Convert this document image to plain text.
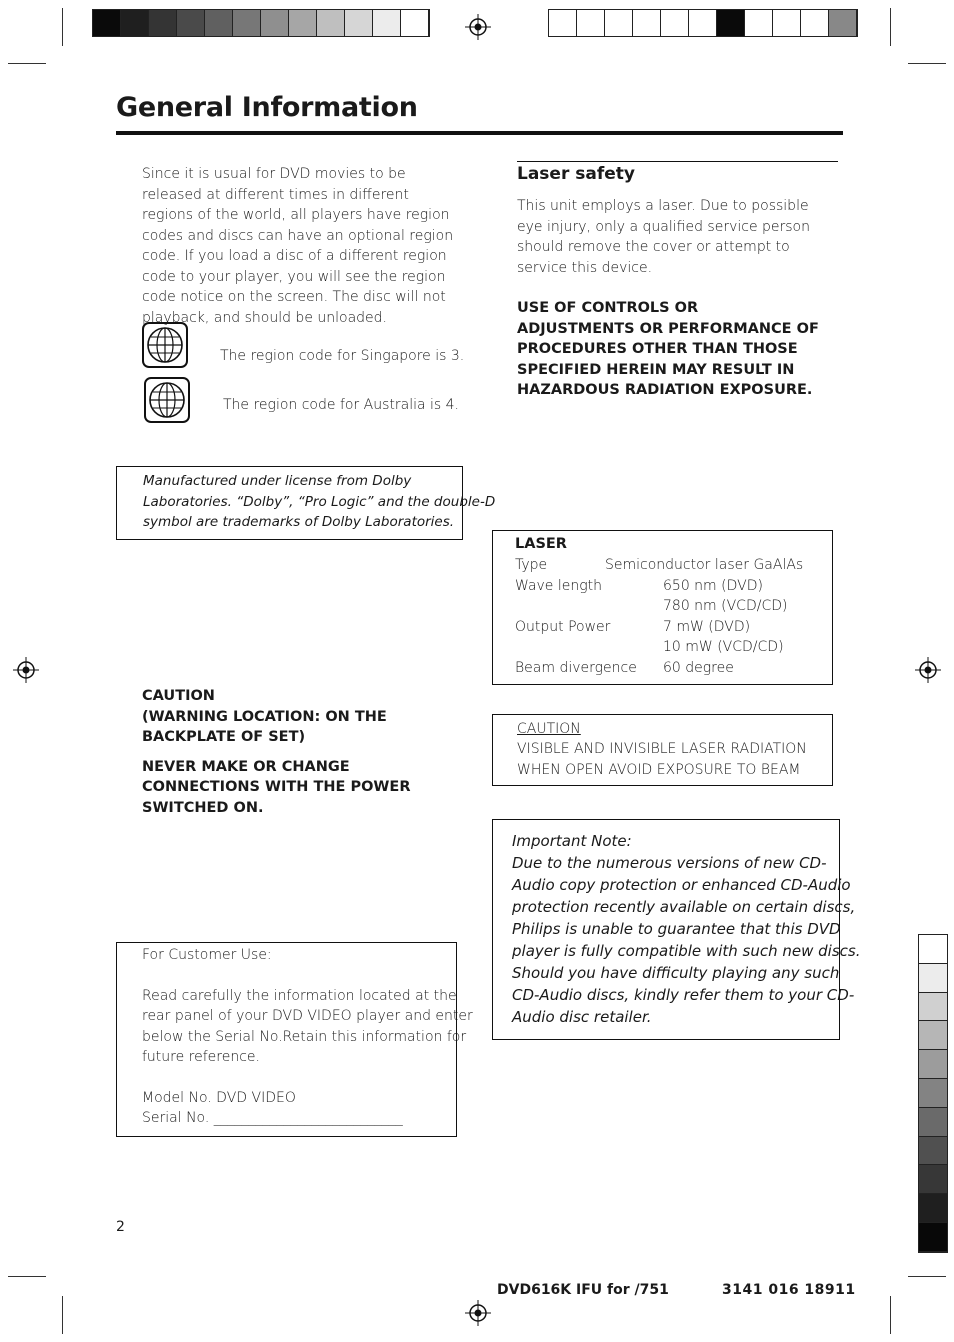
General Information
Since it is usual for DVD movies to be released at different times in different regions of the world, all players have region codes and discs can have an optional region code. If you load a disc of a different region code to your player, you will see the region code notice on the screen. The disc will not playback, and should be unloaded.
The region code for Singapore is 3.
The region code for Australia is 4.
Manufactured under license from Dolby
Laboratories. “Dolby”, “Pro Logic” and the double-D
symbol are trademarks of Dolby Laboratories.
CAUTION
(WARNING LOCATION: ON THE
BACKPLATE OF SET)
NEVER MAKE OR CHANGE
CONNECTIONS WITH THE POWER
SWITCHED ON.
For Customer Use:
Read carefully the information located at the
rear panel of your DVD VIDEO player and enter
below the Serial No.Retain this information for
future reference.
Model No. DVD VIDEO
Serial No. ___________________________
Laser safety
This unit employs a laser. Due to possible eye injury, only a qualified service person should remove the cover or attempt to service this device.
USE OF CONTROLS OR
ADJUSTMENTS OR PERFORMANCE OF
PROCEDURES OTHER THAN THOSE
SPECIFIED HEREIN MAY RESULT IN
HAZARDOUS RADIATION EXPOSURE.
LASER
Type	Semiconductor laser GaAlAs
Wave length	650 nm (DVD)
780 nm (VCD/CD)
Output Power	7 mW (DVD)
10 mW (VCD/CD)
Beam divergence	60 degree
CAUTION
VISIBLE AND INVISIBLE LASER RADIATION
WHEN OPEN AVOID EXPOSURE TO BEAM
Important Note:
Due to the numerous versions of new CD-
Audio copy protection or enhanced CD-Audio
protection recently available on certain discs,
Philips is unable to guarantee that this DVD
player is fully compatible with such new discs.
Should you have difficulty playing any such
CD-Audio discs, kindly refer them to your CD-
Audio disc retailer.
2
DVD616K IFU for /751	3141 016 18911
